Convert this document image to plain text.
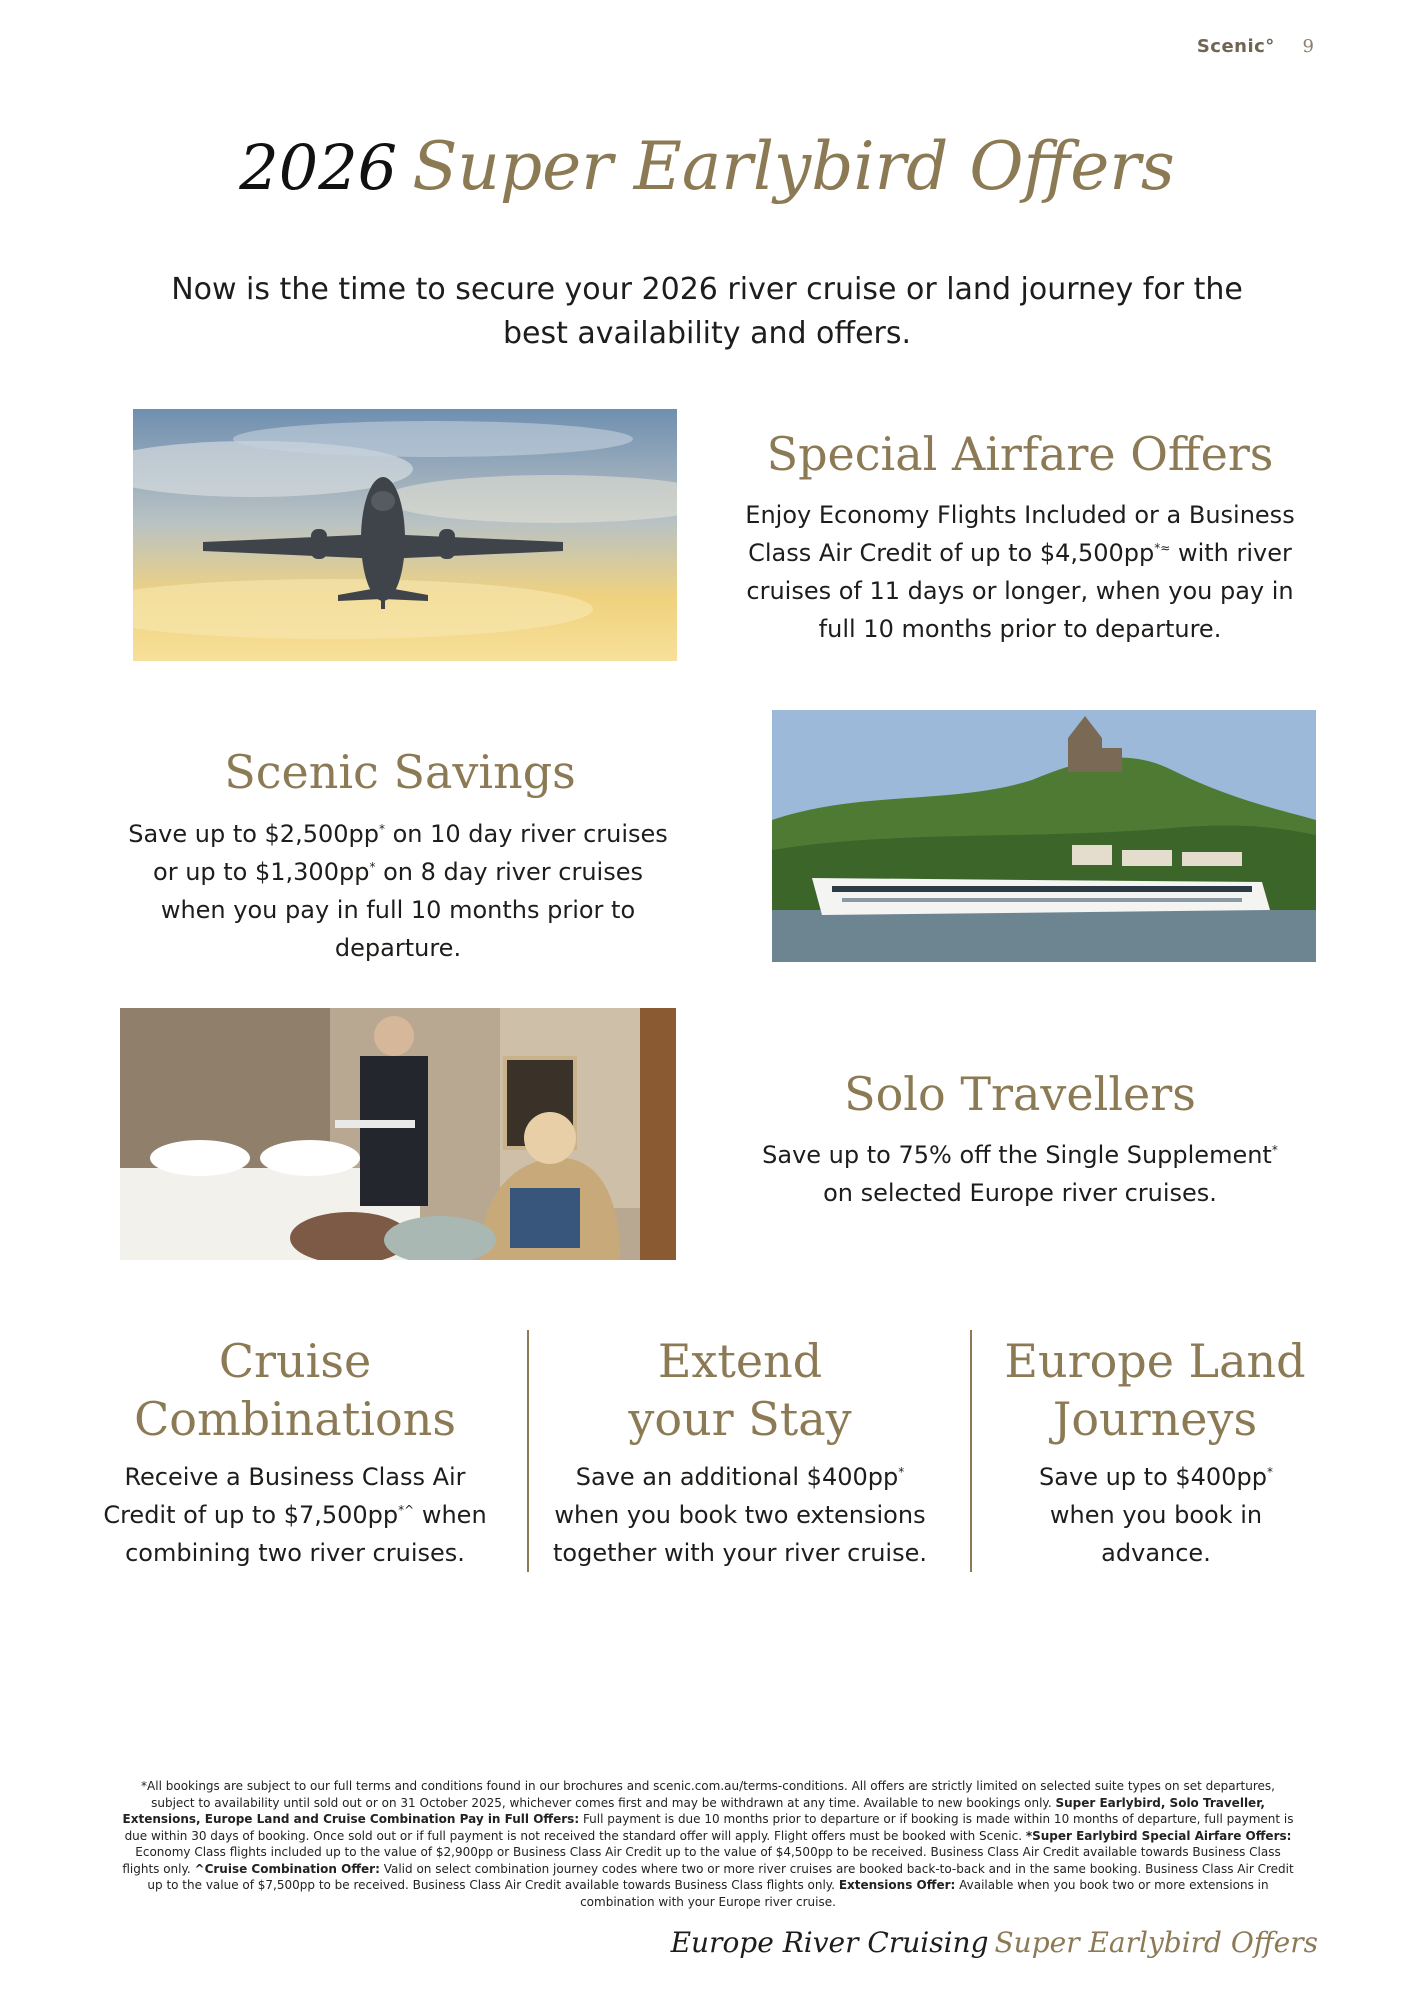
Scenic° 9
2026 Super Earlybird Offers
Now is the time to secure your 2026 river cruise or land journey for the best availability and offers.
Special Airfare Offers
Enjoy Economy Flights Included or a Business Class Air Credit of up to $4,500pp*≈ with river cruises of 11 days or longer, when you pay in full 10 months prior to departure.
Scenic Savings
Save up to $2,500pp* on 10 day river cruises or up to $1,300pp* on 8 day river cruises when you pay in full 10 months prior to departure.
Solo Travellers
Save up to 75% off the Single Supplement* on selected Europe river cruises.
Cruise
Combinations
Receive a Business Class Air Credit of up to $7,500pp*^ when combining two river cruises.
Extend
your Stay
Save an additional $400pp* when you book two extensions together with your river cruise.
Europe Land
Journeys
Save up to $400pp* when you book in advance.
*All bookings are subject to our full terms and conditions found in our brochures and scenic.com.au/terms-conditions. All offers are strictly limited on selected suite types on set departures, subject to availability until sold out or on 31 October 2025, whichever comes first and may be withdrawn at any time. Available to new bookings only. Super Earlybird, Solo Traveller, Extensions, Europe Land and Cruise Combination Pay in Full Offers: Full payment is due 10 months prior to departure or if booking is made within 10 months of departure, full payment is due within 30 days of booking. Once sold out or if full payment is not received the standard offer will apply. Flight offers must be booked with Scenic. *Super Earlybird Special Airfare Offers: Economy Class flights included up to the value of $2,900pp or Business Class Air Credit up to the value of $4,500pp to be received. Business Class Air Credit available towards Business Class flights only. ^Cruise Combination Offer: Valid on select combination journey codes where two or more river cruises are booked back-to-back and in the same booking. Business Class Air Credit up to the value of $7,500pp to be received. Business Class Air Credit available towards Business Class flights only. Extensions Offer: Available when you book two or more extensions in combination with your Europe river cruise.
Europe River Cruising Super Earlybird Offers
